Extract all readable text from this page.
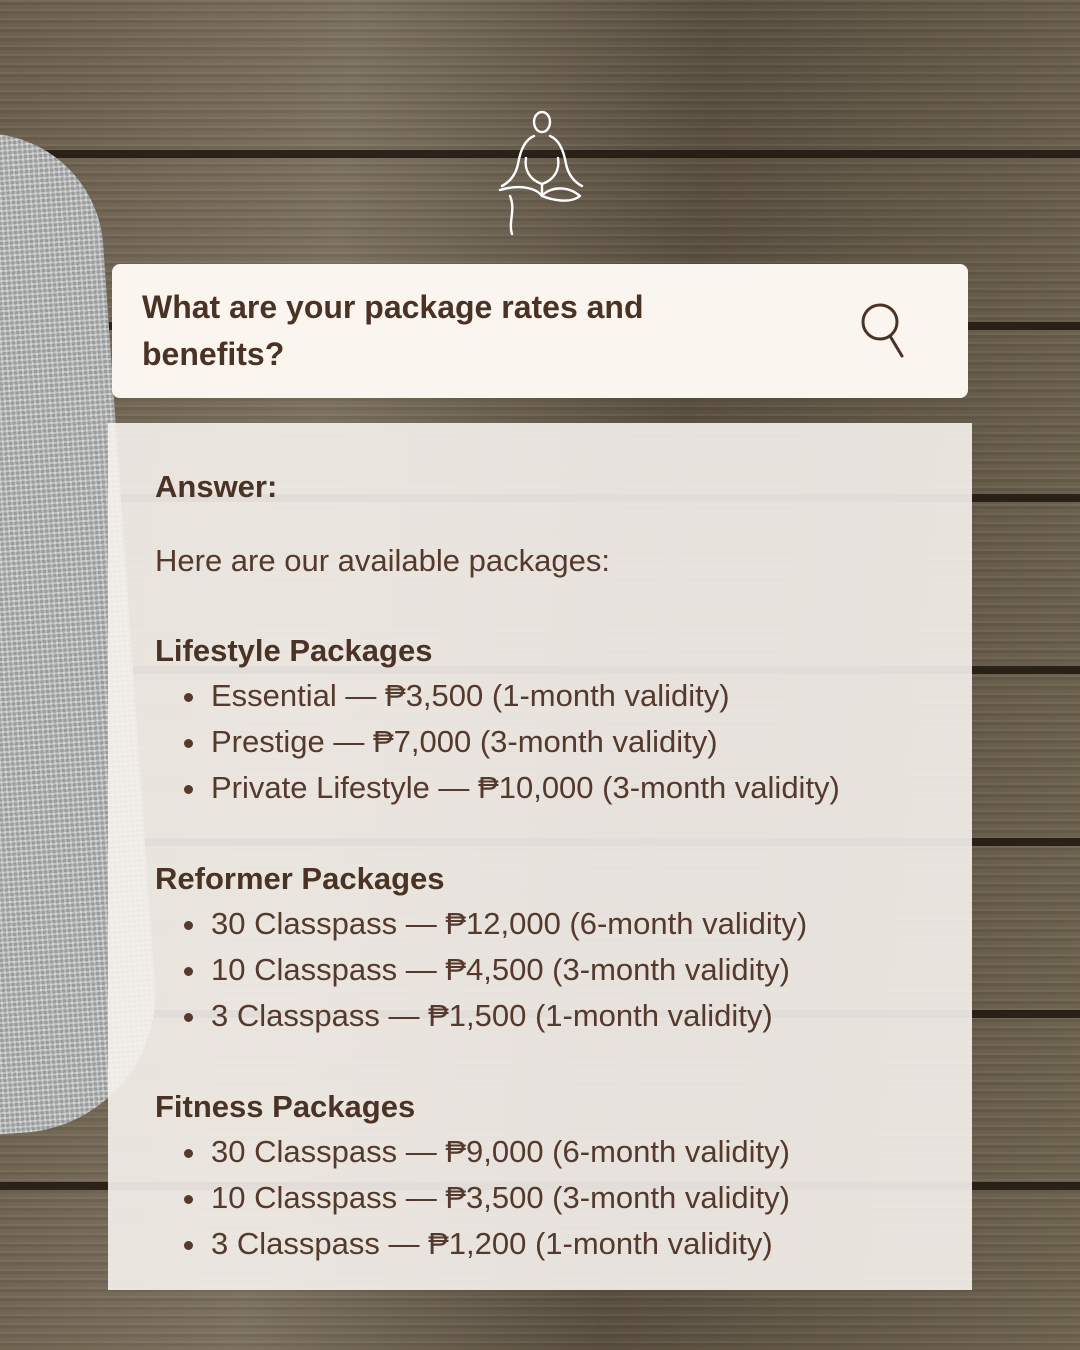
What are your package rates and benefits?

Answer:

Here are our available packages:

Lifestyle Packages

Essential — ₱3,500 (1-month validity)
Prestige — ₱7,000 (3-month validity)
Private Lifestyle — ₱10,000 (3-month validity)

Reformer Packages

30 Classpass — ₱12,000 (6-month validity)
10 Classpass — ₱4,500 (3-month validity)
3 Classpass — ₱1,500 (1-month validity)

Fitness Packages

30 Classpass — ₱9,000 (6-month validity)
10 Classpass — ₱3,500 (3-month validity)
3 Classpass — ₱1,200 (1-month validity)
